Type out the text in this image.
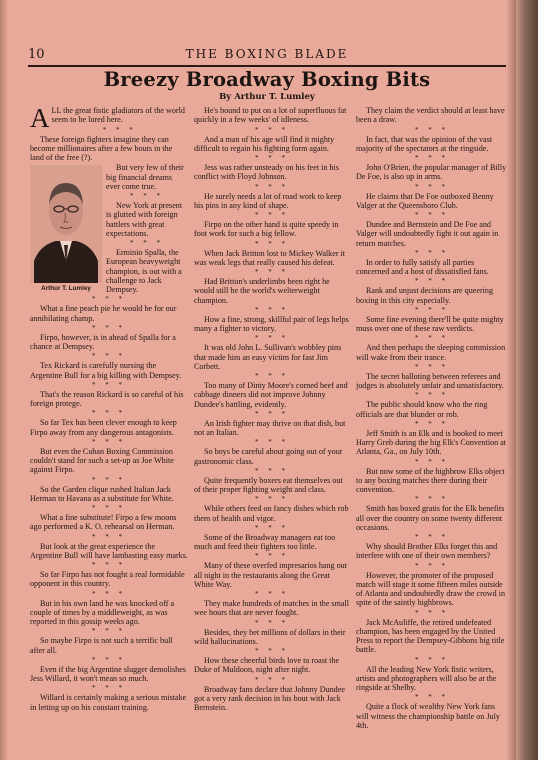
THE BOXING BLADE
10
Breezy Broadway Boxing Bits
By Arthur T. Lumley

ALL the great fistic gladiators of the world seem to be lured here.

* * *

These foreign fighters imagine they can become millionaires after a few bouts in the land of the free (?).

Arthur T. Lumley

But very few of their big financial dreams ever come true.

* * *

New York at present is glutted with foreign battlers with great expectations.

* * *

Erminio Spalla, the European heavyweight champion, is out with a challenge to Jack Dempsey.

* * *

What a fine peach pie he would be for our annihilating champ.

* * *

Firpo, however, is in ahead of Spalla for a chance at Dempsey.

* * *

Tex Rickard is carefully nursing the Argentine Bull for a big killing with Dempsey.

* * *

That's the reason Rickard is so careful of his foreign protege.

* * *

So far Tex has been clever enough to keep Firpo away from any dangerous antagonists.

* * *

But even the Cuban Boxing Commission couldn't stand for such a set-up as Joe White against Firpo.

* * *

So the Garden clique rushed Italian Jack Herman to Havana as a substitute for White.

* * *

What a fine substitute! Firpo a few moons ago performed a K. O. rehearsal on Herman.

* * *

But look at the great experience the Argentine Bull will have lambasting easy marks.

* * *

So far Firpo has not fought a real formidable opponent in this country.

* * *

But in his own land he was knocked off a couple of times by a middleweight, as was reported in this gossip weeks ago.

* * *

So maybe Firpo is not such a terrific bull after all.

* * *

Even if the big Argentine slugger demolishes Jess Willard, it won't mean so much.

* * *

Willard is certainly making a serious mistake in letting up on his constant training.

He's bound to put on a lot of superfluous fat quickly in a few weeks' of idleness.

* * *

And a man of his age will find it mighty difficult to regain his fighting form again.

* * *

Jess was rather unsteady on his feet in his conflict with Floyd Johnson.

* * *

He surely needs a lot of road work to keep his pins in any kind of shape.

* * *

Firpo on the other hand is quite speedy in foot work for such a big fellow.

* * *

When Jack Britton lost to Mickey Walker it was weak legs that really caused his defeat.

* * *

Had Britton's underlimbs been right he would still be the world's welterweight champion.

* * *

How a fine, strong, skillful pair of legs helps many a fighter to victory.

* * *

It was old John L. Sullivan's wobbley pins that made him an easy victim for fast Jim Corbett.

* * *

Too many of Dinty Moore's corned beef and cabbage dinners did not improve Johnny Dundee's battling, evidently.

* * *

An Irish fighter may thrive on that dish, but not an Italian.

* * *

So boys be careful about going out of your gastronomic class.

* * *

Quite frequently boxers eat themselves out of their proper fighting weight and class.

* * *

While others feed on fancy dishes which rob them of health and vigor.

* * *

Some of the Broadway managers eat too much and feed their fighters too little.

* * *

Many of these overfed impresarios hang out all night in the restaurants along the Great White Way.

* * *

They make hundreds of matches in the small wee hours that are never fought.

* * *

Besides, they bet millions of dollars in their wild hallucinations.

* * *

How these cheerful birds love to roast the Duke of Muldoon, night after night.

* * *

Broadway fans declare that Johnny Dundee got a very rank decision in his bout with Jack Bernstein.

They claim the verdict should at least have been a draw.

* * *

In fact, that was the opinion of the vast majority of the spectators at the ringside.

* * *

John O'Brien, the popular manager of Billy De Foe, is also up in arms.

* * *

He claims that De Foe outboxed Benny Valger at the Queensboro Club.

* * *

Dundee and Bernstein and De Foe and Valger will undoubtedly fight it out again in return matches.

* * *

In order to fully satisfy all parties concerned and a host of dissatisfied fans.

* * *

Rank and unjust decisions are queering boxing in this city especially.

* * *

Some fine evening there'll be quite mighty muss over one of these raw verdicts.

* * *

And then perhaps the sleeping commission will wake from their trance.

* * *

The secret balloting between referees and judges is absolutely unfair and unsatisfactory.

* * *

The public should know who the ring officials are that blunder or rob.

* * *

Jeff Smith is an Elk and is booked to meet Harry Greb during the big Elk's Convention at Atlanta, Ga., on July 10th.

* * *

But now some of the highbrow Elks object to any boxing matches there during their convention.

* * *

Smith has boxed gratis for the Elk benefits all over the country on some twenty different occasions.

* * *

Why should Brother Elks forget this and interfere with one of their own members?

* * *

However, the promoter of the proposed match will stage it some fifteen miles outside of Atlanta and undoubtedly draw the crowd in spite of the saintly highbrows.

* * *

Jack McAuliffe, the retired undefeated champion, has been engaged by the United Press to report the Dempsey-Gibbons big title battle.

* * *

All the leading New York fistic writers, artists and photographers will also be at the ringside at Shelby.

* * *

Quite a flock of wealthy New York fans will witness the championship battle on July 4th.
